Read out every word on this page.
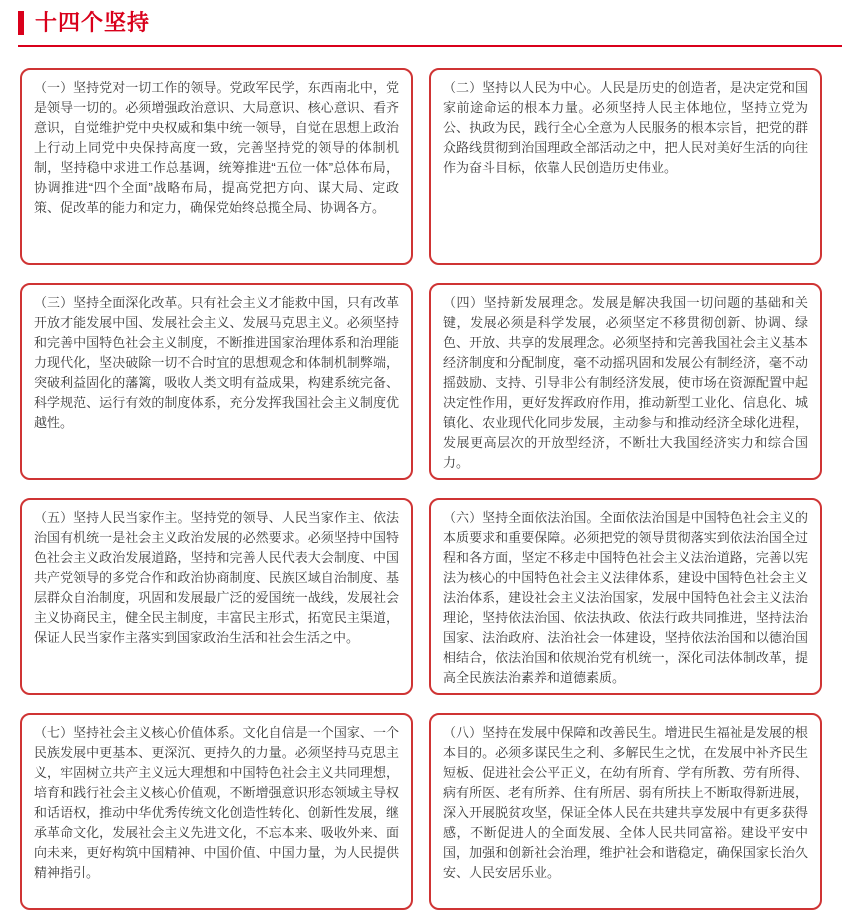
十四个坚持

（一）坚持党对一切工作的领导。党政军民学，东西南北中，党是领导一切的。必须增强政治意识、大局意识、核心意识、看齐意识，自觉维护党中央权威和集中统一领导，自觉在思想上政治上行动上同党中央保持高度一致，完善坚持党的领导的体制机制，坚持稳中求进工作总基调，统筹推进“五位一体”总体布局，协调推进“四个全面”战略布局，提高党把方向、谋大局、定政策、促改革的能力和定力，确保党始终总揽全局、协调各方。

（二）坚持以人民为中心。人民是历史的创造者，是决定党和国家前途命运的根本力量。必须坚持人民主体地位，坚持立党为公、执政为民，践行全心全意为人民服务的根本宗旨，把党的群众路线贯彻到治国理政全部活动之中，把人民对美好生活的向往作为奋斗目标，依靠人民创造历史伟业。

（三）坚持全面深化改革。只有社会主义才能救中国，只有改革开放才能发展中国、发展社会主义、发展马克思主义。必须坚持和完善中国特色社会主义制度，不断推进国家治理体系和治理能力现代化，坚决破除一切不合时宜的思想观念和体制机制弊端，突破利益固化的藩篱，吸收人类文明有益成果，构建系统完备、科学规范、运行有效的制度体系，充分发挥我国社会主义制度优越性。

（四）坚持新发展理念。发展是解决我国一切问题的基础和关键，发展必须是科学发展，必须坚定不移贯彻创新、协调、绿色、开放、共享的发展理念。必须坚持和完善我国社会主义基本经济制度和分配制度，毫不动摇巩固和发展公有制经济，毫不动摇鼓励、支持、引导非公有制经济发展，使市场在资源配置中起决定性作用，更好发挥政府作用，推动新型工业化、信息化、城镇化、农业现代化同步发展，主动参与和推动经济全球化进程，发展更高层次的开放型经济，不断壮大我国经济实力和综合国力。

（五）坚持人民当家作主。坚持党的领导、人民当家作主、依法治国有机统一是社会主义政治发展的必然要求。必须坚持中国特色社会主义政治发展道路，坚持和完善人民代表大会制度、中国共产党领导的多党合作和政治协商制度、民族区域自治制度、基层群众自治制度，巩固和发展最广泛的爱国统一战线，发展社会主义协商民主，健全民主制度，丰富民主形式，拓宽民主渠道，保证人民当家作主落实到国家政治生活和社会生活之中。

（六）坚持全面依法治国。全面依法治国是中国特色社会主义的本质要求和重要保障。必须把党的领导贯彻落实到依法治国全过程和各方面，坚定不移走中国特色社会主义法治道路，完善以宪法为核心的中国特色社会主义法律体系，建设中国特色社会主义法治体系，建设社会主义法治国家，发展中国特色社会主义法治理论，坚持依法治国、依法执政、依法行政共同推进，坚持法治国家、法治政府、法治社会一体建设，坚持依法治国和以德治国相结合，依法治国和依规治党有机统一，深化司法体制改革，提高全民族法治素养和道德素质。

（七）坚持社会主义核心价值体系。文化自信是一个国家、一个民族发展中更基本、更深沉、更持久的力量。必须坚持马克思主义，牢固树立共产主义远大理想和中国特色社会主义共同理想，培育和践行社会主义核心价值观，不断增强意识形态领域主导权和话语权，推动中华优秀传统文化创造性转化、创新性发展，继承革命文化，发展社会主义先进文化，不忘本来、吸收外来、面向未来，更好构筑中国精神、中国价值、中国力量，为人民提供精神指引。

（八）坚持在发展中保障和改善民生。增进民生福祉是发展的根本目的。必须多谋民生之利、多解民生之忧，在发展中补齐民生短板、促进社会公平正义，在幼有所育、学有所教、劳有所得、病有所医、老有所养、住有所居、弱有所扶上不断取得新进展，深入开展脱贫攻坚，保证全体人民在共建共享发展中有更多获得感，不断促进人的全面发展、全体人民共同富裕。建设平安中国，加强和创新社会治理，维护社会和谐稳定，确保国家长治久安、人民安居乐业。
